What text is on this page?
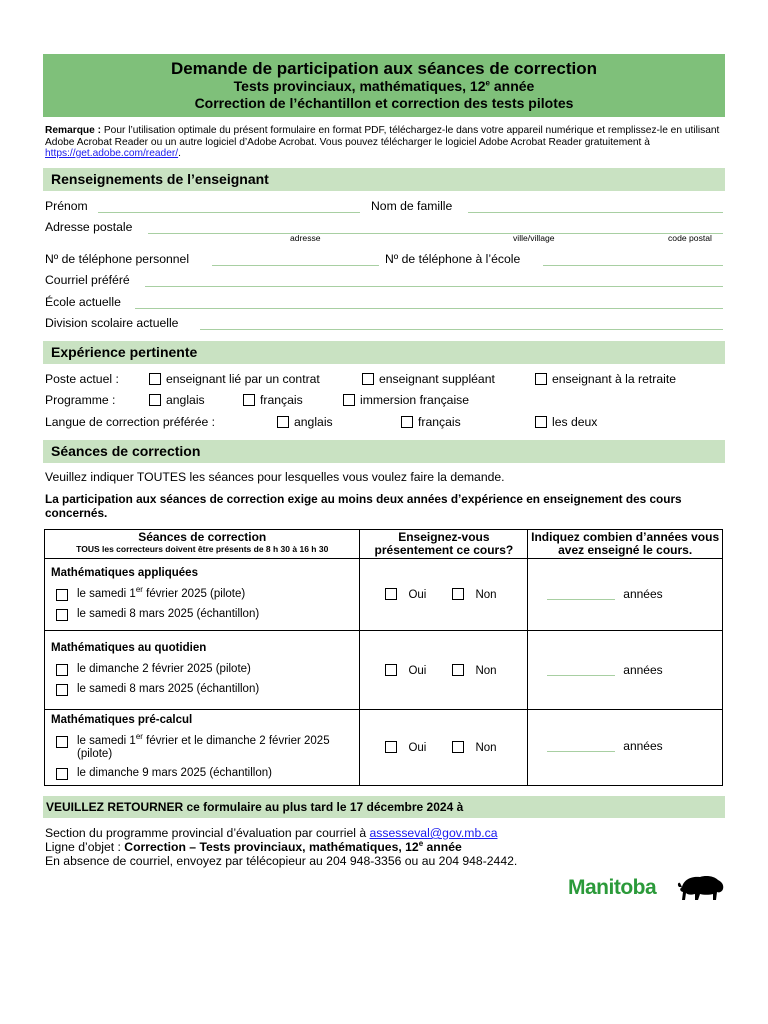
Demande de participation aux séances de correction
Tests provinciaux, mathématiques, 12e année
Correction de l’échantillon et correction des tests pilotes
Remarque : Pour l’utilisation optimale du présent formulaire en format PDF, téléchargez-le dans votre appareil numérique et remplissez-le en utilisant Adobe Acrobat Reader ou un autre logiciel d’Adobe Acrobat. Vous pouvez télécharger le logiciel Adobe Acrobat Reader gratuitement à https://get.adobe.com/reader/.
Renseignements de l’enseignant
Prénom	Nom de famille
Adresse postale
adresse	ville/village	code postal
Nº de téléphone personnel	Nº de téléphone à l’école
Courriel préféré
École actuelle
Division scolaire actuelle
Expérience pertinente
Poste actuel :	enseignant lié par un contrat	enseignant suppléant	enseignant à la retraite
Programme :	anglais	français	immersion française
Langue de correction préférée :	anglais	français	les deux
Séances de correction
Veuillez indiquer TOUTES les séances pour lesquelles vous voulez faire la demande.
La participation aux séances de correction exige au moins deux années d’expérience en enseignement des cours concernés.
Séances de correction
TOUS les correcteurs doivent être présents de 8 h 30 à 16 h 30	Enseignez-vous présentement ce cours?	Indiquez combien d’années vous avez enseigné le cours.

Mathématiques appliquées
le samedi 1er février 2025 (pilote)
le samedi 8 mars 2025 (échantillon)	Oui Non	années

Mathématiques au quotidien
le dimanche 2 février 2025 (pilote)
le samedi 8 mars 2025 (échantillon)	Oui Non	années

Mathématiques pré-calcul
le samedi 1er février et le dimanche 2 février 2025
(pilote)
le dimanche 9 mars 2025 (échantillon)	Oui Non	années
VEUILLEZ RETOURNER ce formulaire au plus tard le 17 décembre 2024 à
Section du programme provincial d’évaluation par courriel à assesseval@gov.mb.ca
Ligne d’objet : Correction – Tests provinciaux, mathématiques, 12e année
En absence de courriel, envoyez par télécopieur au 204 948-3356 ou au 204 948-2442.
Manitoba
